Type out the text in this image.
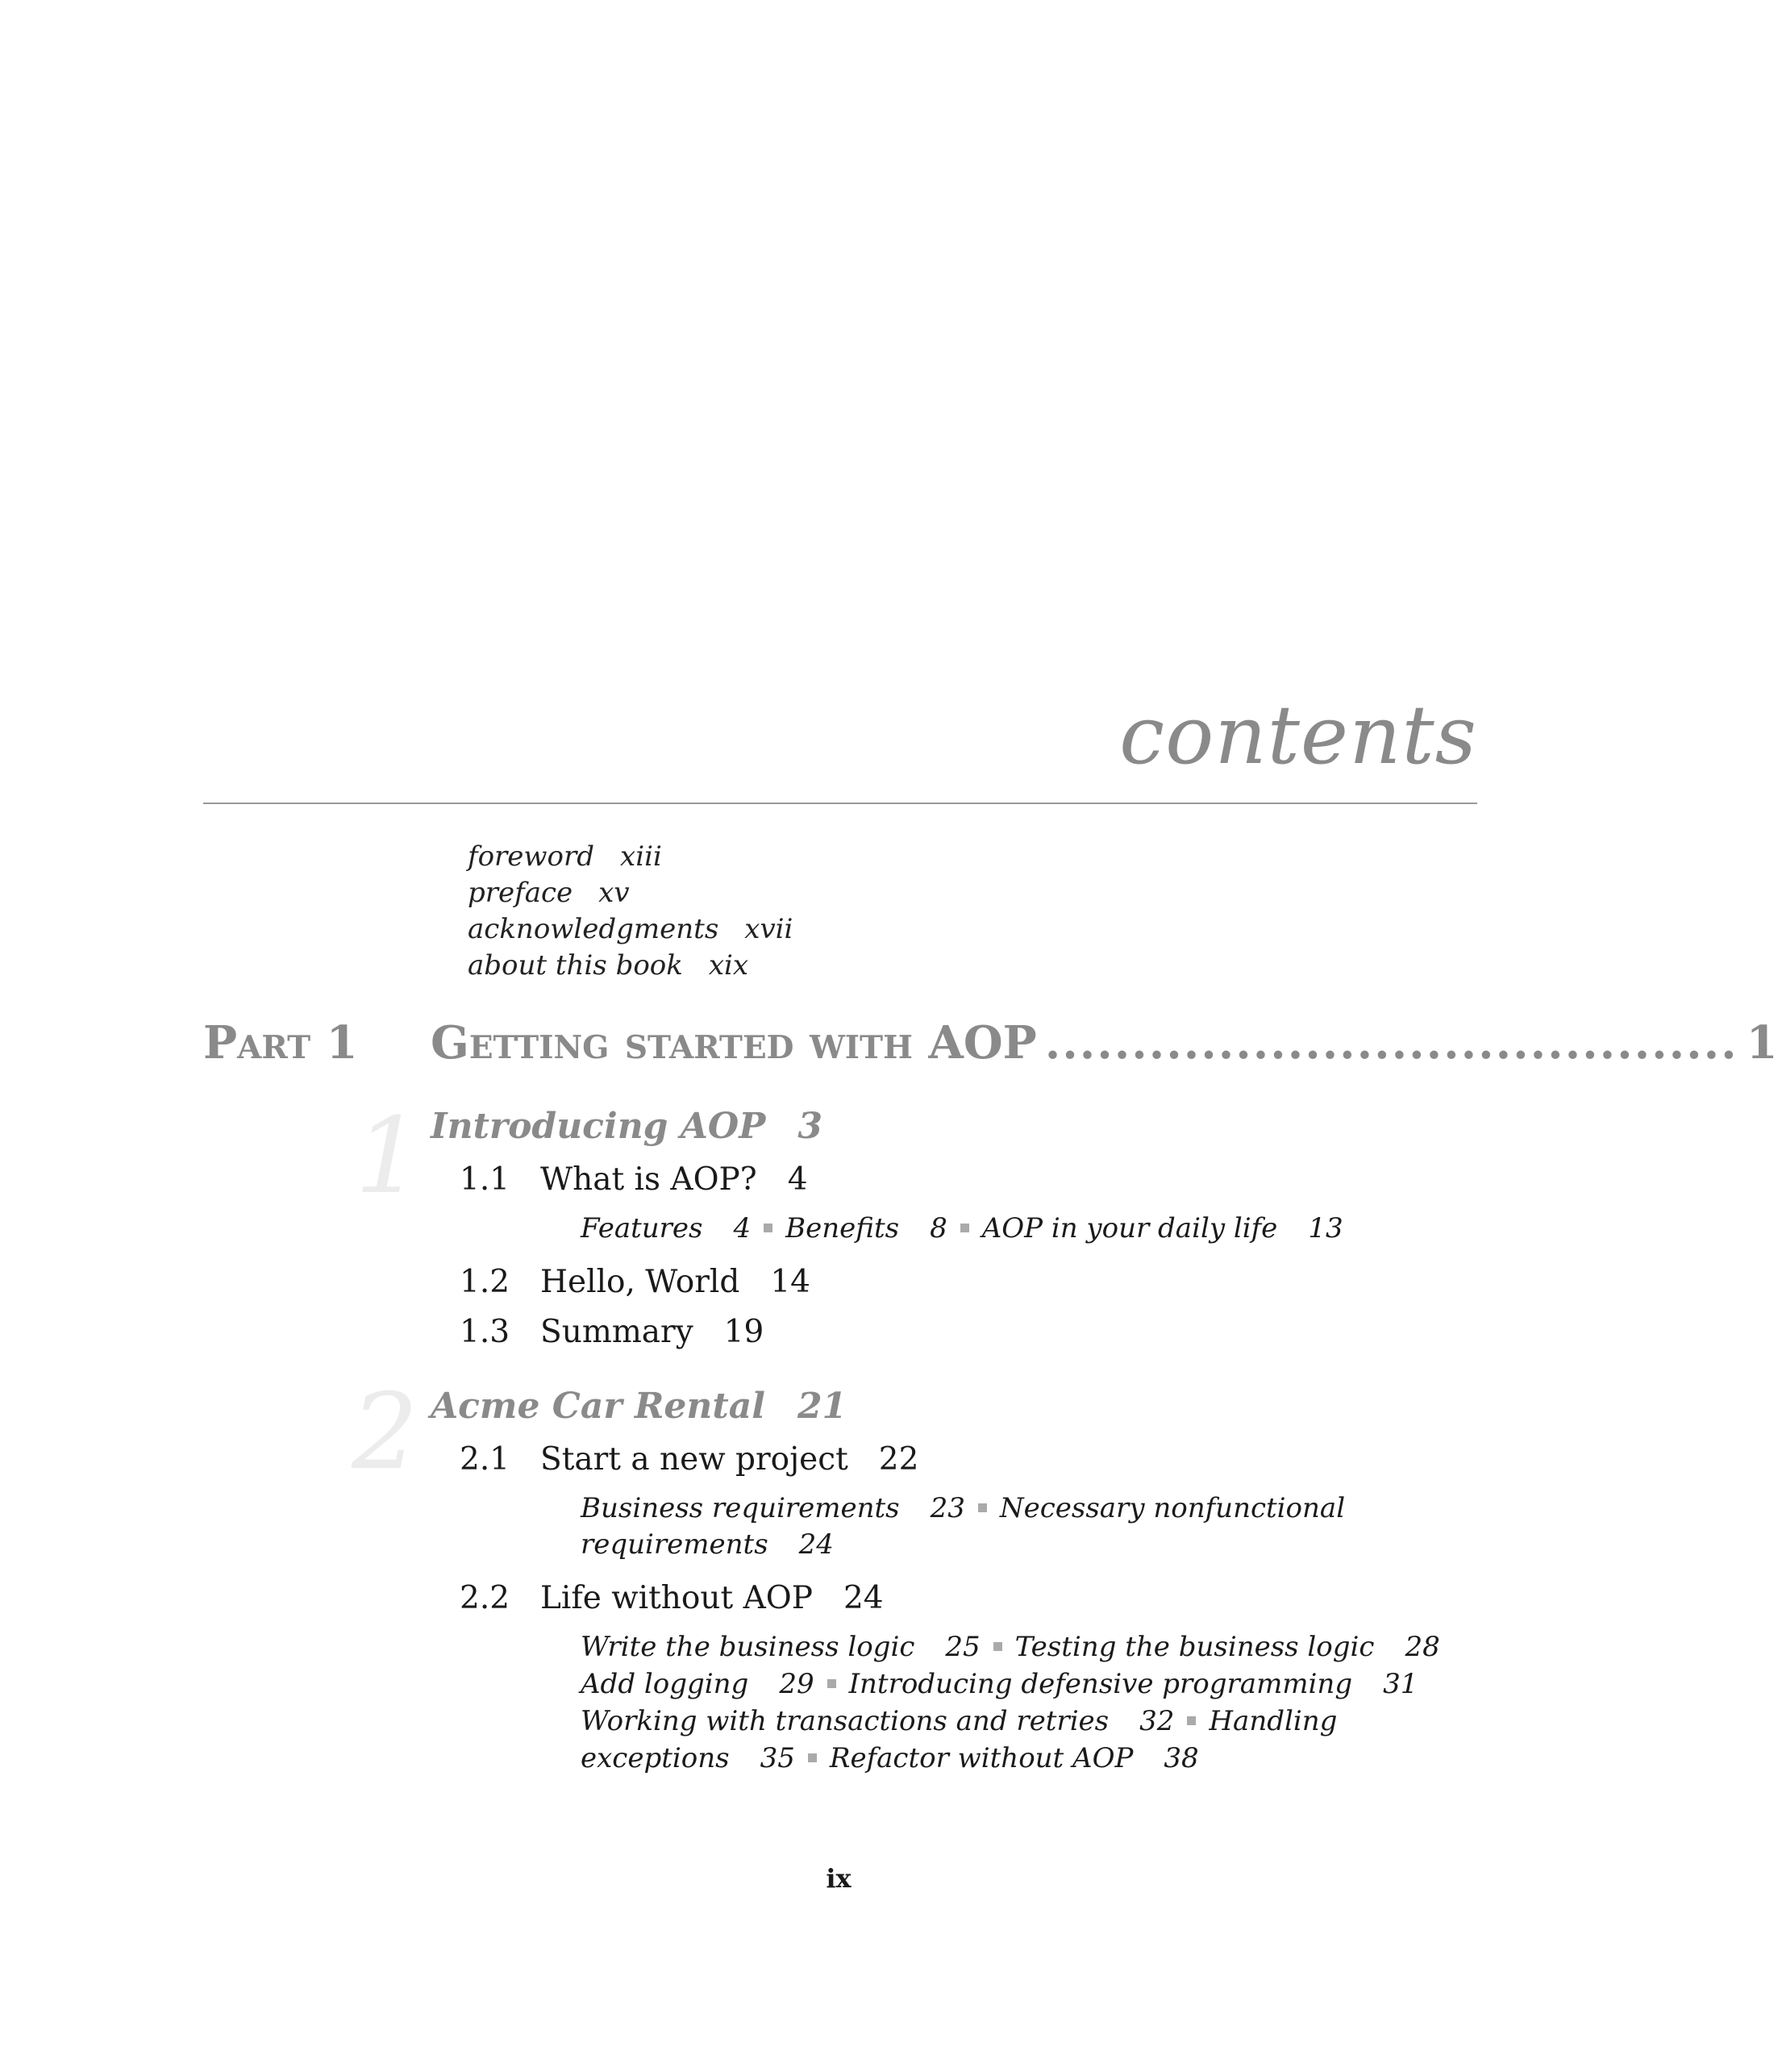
contents
foreword xiii
preface xv
acknowledgments xvii
about this book xix
Part 1 Getting started with AOP ........................................ 1
1 Introducing AOP 3
1.1 What is AOP? 4
Features 4 Benefits 8 AOP in your daily life 13
1.2 Hello, World 14
1.3 Summary 19
2 Acme Car Rental 21
2.1 Start a new project 22
Business requirements 23 Necessary nonfunctional
requirements 24
2.2 Life without AOP 24
Write the business logic 25 Testing the business logic 28
Add logging 29 Introducing defensive programming 31
Working with transactions and retries 32 Handling
exceptions 35 Refactor without AOP 38
ix
